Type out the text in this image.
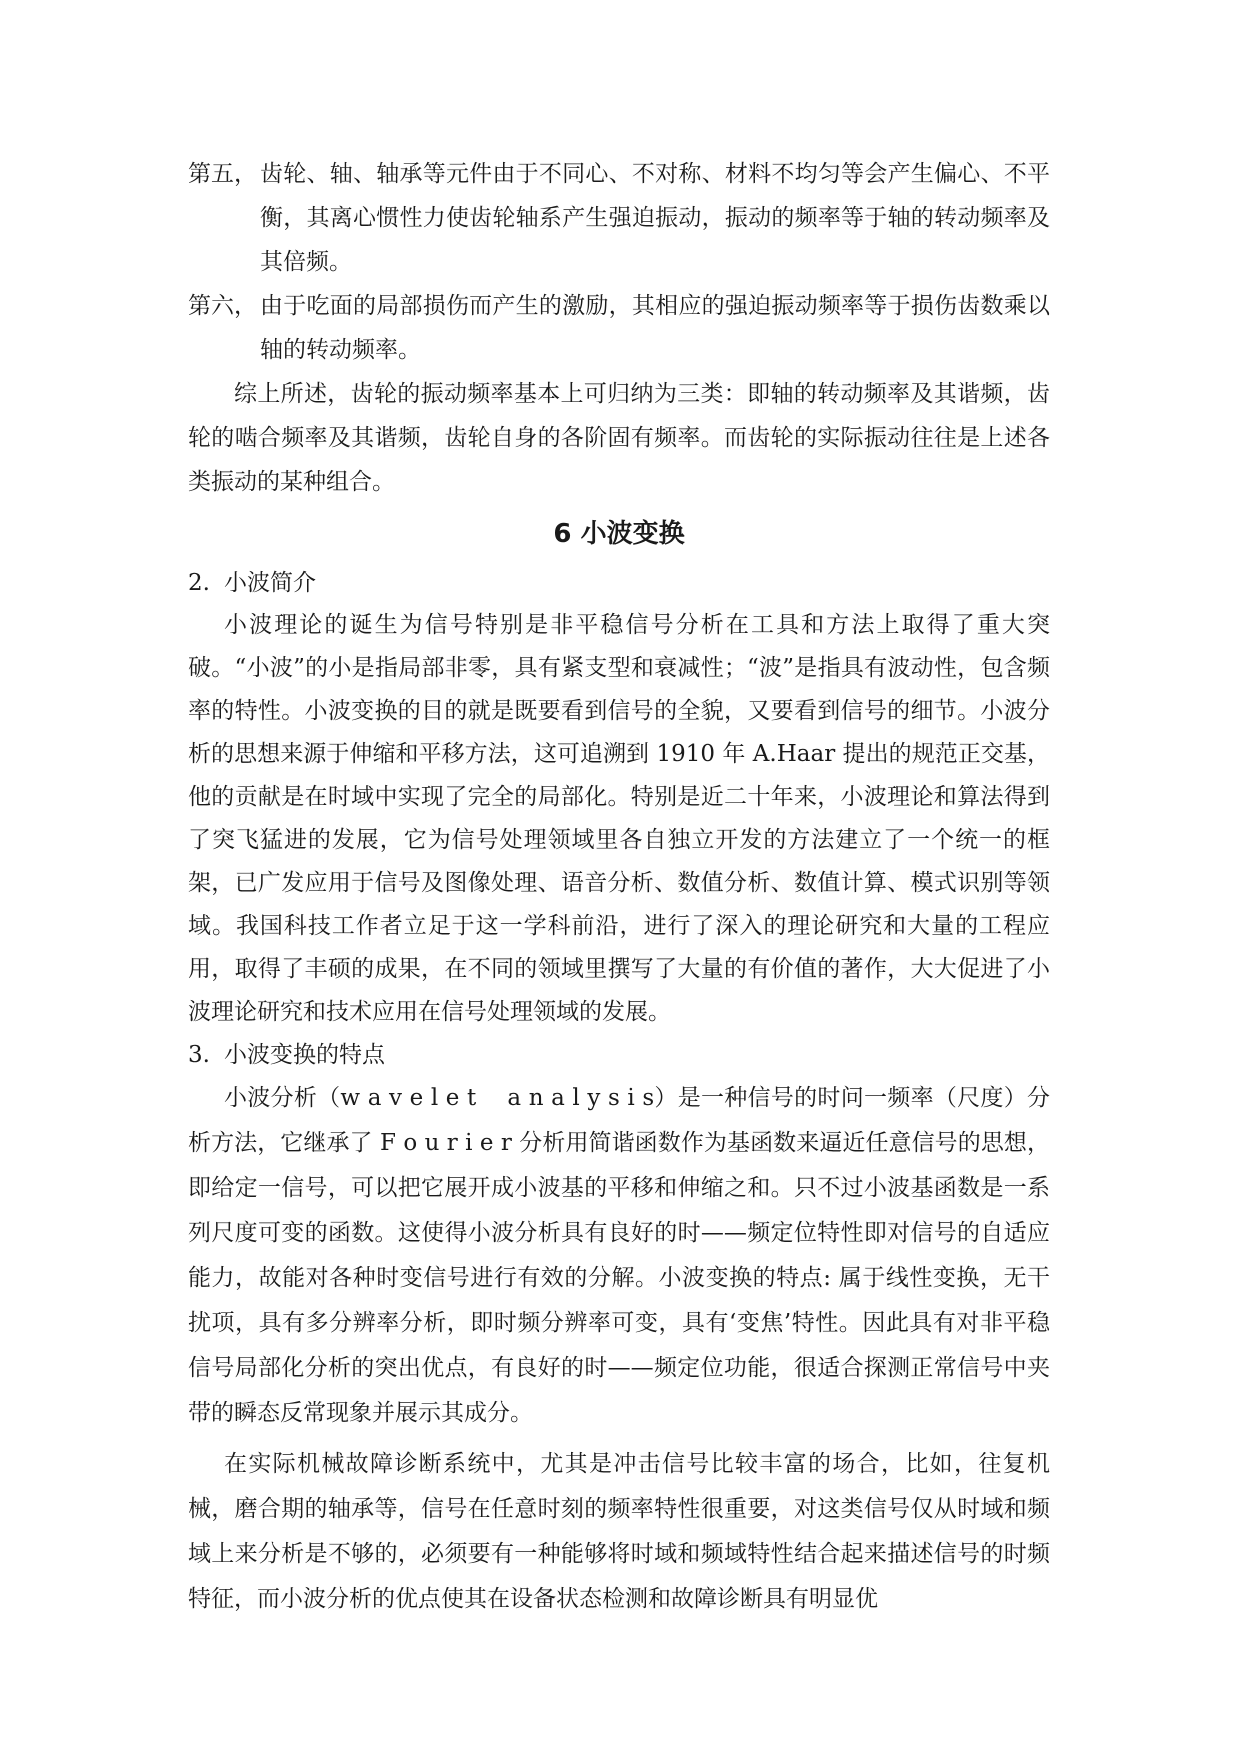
第五， 齿轮、轴、轴承等元件由于不同心、不对称、材料不均匀等会产生偏心、不平衡，其离心惯性力使齿轮轴系产生强迫振动，振动的频率等于轴的转动频率及其倍频。
第六， 由于吃面的局部损伤而产生的激励，其相应的强迫振动频率等于损伤齿数乘以轴的转动频率。

综上所述，齿轮的振动频率基本上可归纳为三类：即轴的转动频率及其谐频，齿轮的啮合频率及其谐频，齿轮自身的各阶固有频率。而齿轮的实际振动往往是上述各类振动的某种组合。

6 小波变换

2. 小波简介

小波理论的诞生为信号特别是非平稳信号分析在工具和方法上取得了重大突破。“小波”的小是指局部非零，具有紧支型和衰减性；“波”是指具有波动性，包含频率的特性。小波变换的目的就是既要看到信号的全貌，又要看到信号的细节。小波分析的思想来源于伸缩和平移方法，这可追溯到 1910 年 A.Haar 提出的规范正交基，他的贡献是在时域中实现了完全的局部化。特别是近二十年来，小波理论和算法得到了突飞猛进的发展，它为信号处理领域里各自独立开发的方法建立了一个统一的框架，已广发应用于信号及图像处理、语音分析、数值分析、数值计算、模式识别等领域。我国科技工作者立足于这一学科前沿，进行了深入的理论研究和大量的工程应用，取得了丰硕的成果，在不同的领域里撰写了大量的有价值的著作，大大促进了小波理论研究和技术应用在信号处理领域的发展。

3. 小波变换的特点

小波分析（w a v e l e t　 a n a l y s i s）是一种信号的时问一频率（尺度）分析方法，它继承了 F o u r i e r 分析用简谐函数作为基函数来逼近任意信号的思想，即给定一信号，可以把它展开成小波基的平移和伸缩之和。只不过小波基函数是一系列尺度可变的函数。这使得小波分析具有良好的时——频定位特性即对信号的自适应能力，故能对各种时变信号进行有效的分解。小波变换的特点: 属于线性变换，无干扰项，具有多分辨率分析，即时频分辨率可变，具有‘变焦’特性。因此具有对非平稳信号局部化分析的突出优点，有良好的时——频定位功能，很适合探测正常信号中夹带的瞬态反常现象并展示其成分。

在实际机械故障诊断系统中，尤其是冲击信号比较丰富的场合，比如，往复机械，磨合期的轴承等，信号在任意时刻的频率特性很重要，对这类信号仅从时域和频域上来分析是不够的，必须要有一种能够将时域和频域特性结合起来描述信号的时频特征，而小波分析的优点使其在设备状态检测和故障诊断具有明显优
